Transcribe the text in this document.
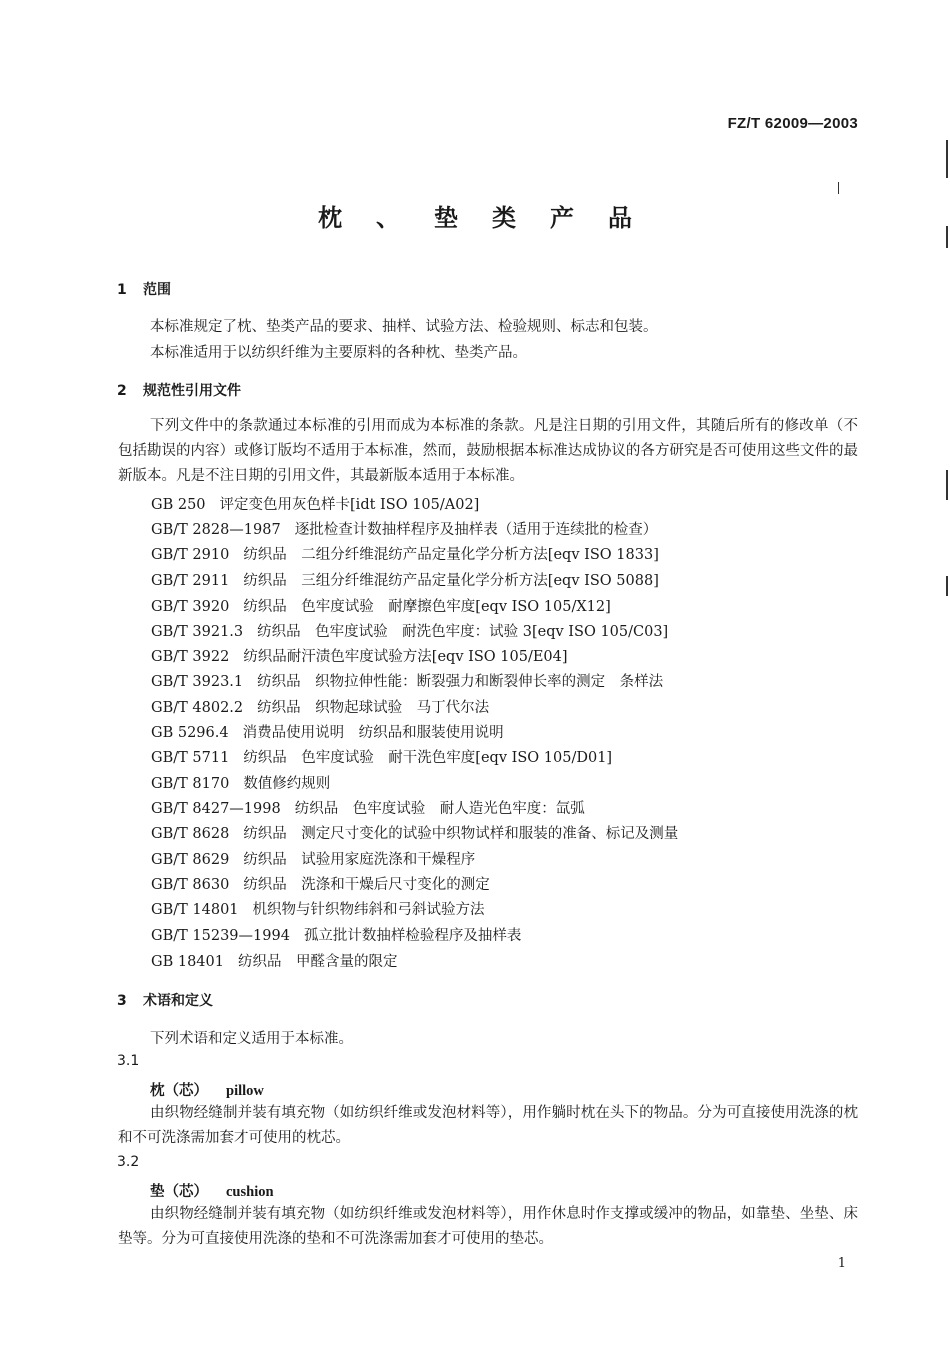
FZ/T 62009—2003
枕、垫类产品
1 范围
本标准规定了枕、垫类产品的要求、抽样、试验方法、检验规则、标志和包装。
本标准适用于以纺织纤维为主要原料的各种枕、垫类产品。
2 规范性引用文件
下列文件中的条款通过本标准的引用而成为本标准的条款。凡是注日期的引用文件，其随后所有的修改单（不包括勘误的内容）或修订版均不适用于本标准，然而，鼓励根据本标准达成协议的各方研究是否可使用这些文件的最新版本。凡是不注日期的引用文件，其最新版本适用于本标准。
GB 250 评定变色用灰色样卡[idt ISO 105/A02]
GB/T 2828—1987 逐批检查计数抽样程序及抽样表（适用于连续批的检查）
GB/T 2910 纺织品　二组分纤维混纺产品定量化学分析方法[eqv ISO 1833]
GB/T 2911 纺织品　三组分纤维混纺产品定量化学分析方法[eqv ISO 5088]
GB/T 3920 纺织品　色牢度试验　耐摩擦色牢度[eqv ISO 105/X12]
GB/T 3921.3 纺织品　色牢度试验　耐洗色牢度：试验 3[eqv ISO 105/C03]
GB/T 3922 纺织品耐汗渍色牢度试验方法[eqv ISO 105/E04]
GB/T 3923.1 纺织品　织物拉伸性能：断裂强力和断裂伸长率的测定　条样法
GB/T 4802.2 纺织品　织物起球试验　马丁代尔法
GB 5296.4 消费品使用说明　纺织品和服装使用说明
GB/T 5711 纺织品　色牢度试验　耐干洗色牢度[eqv ISO 105/D01]
GB/T 8170 数值修约规则
GB/T 8427—1998 纺织品　色牢度试验　耐人造光色牢度：氙弧
GB/T 8628 纺织品　测定尺寸变化的试验中织物试样和服装的准备、标记及测量
GB/T 8629 纺织品　试验用家庭洗涤和干燥程序
GB/T 8630 纺织品　洗涤和干燥后尺寸变化的测定
GB/T 14801 机织物与针织物纬斜和弓斜试验方法
GB/T 15239—1994 孤立批计数抽样检验程序及抽样表
GB 18401 纺织品　甲醛含量的限定
3 术语和定义
下列术语和定义适用于本标准。
3.1
枕（芯） pillow
由织物经缝制并装有填充物（如纺织纤维或发泡材料等），用作躺时枕在头下的物品。分为可直接使用洗涤的枕和不可洗涤需加套才可使用的枕芯。
3.2
垫（芯） cushion
由织物经缝制并装有填充物（如纺织纤维或发泡材料等），用作休息时作支撑或缓冲的物品，如靠垫、坐垫、床垫等。分为可直接使用洗涤的垫和不可洗涤需加套才可使用的垫芯。
1
